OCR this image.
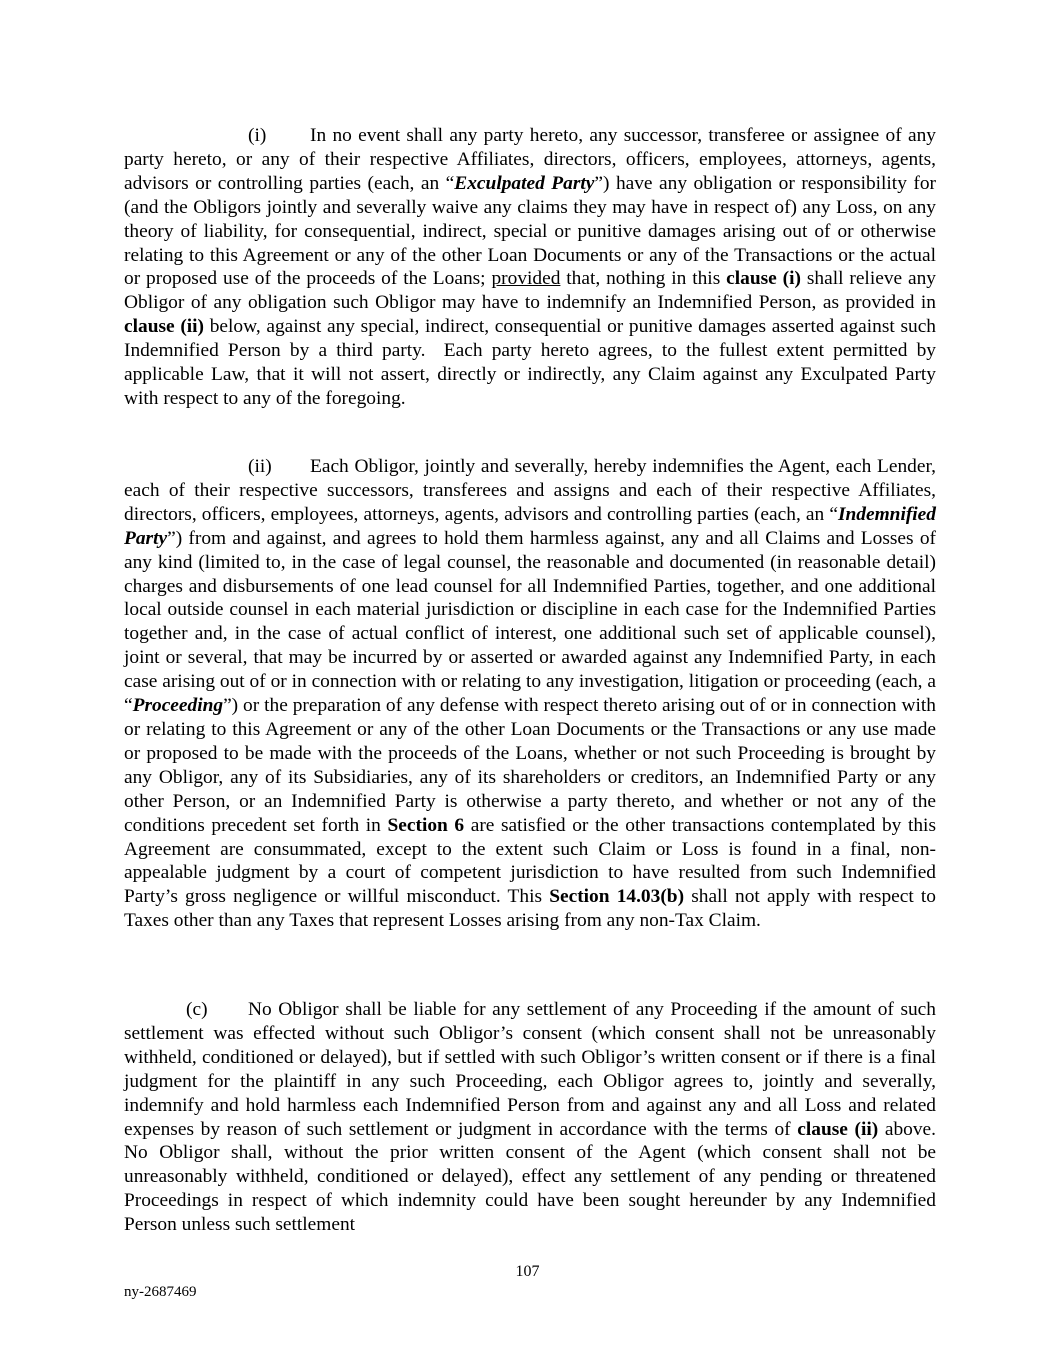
(i) In no event shall any party hereto, any successor, transferee or assignee of any party hereto, or any of their respective Affiliates, directors, officers, employees, attorneys, agents, advisors or controlling parties (each, an “Exculpated Party”) have any obligation or responsibility for (and the Obligors jointly and severally waive any claims they may have in respect of) any Loss, on any theory of liability, for consequential, indirect, special or punitive damages arising out of or otherwise relating to this Agreement or any of the other Loan Documents or any of the Transactions or the actual or proposed use of the proceeds of the Loans; provided that, nothing in this clause (i) shall relieve any Obligor of any obligation such Obligor may have to indemnify an Indemnified Person, as provided in clause (ii) below, against any special, indirect, consequential or punitive damages asserted against such Indemnified Person by a third party.  Each party hereto agrees, to the fullest extent permitted by applicable Law, that it will not assert, directly or indirectly, any Claim against any Exculpated Party with respect to any of the foregoing.

(ii) Each Obligor, jointly and severally, hereby indemnifies the Agent, each Lender, each of their respective successors, transferees and assigns and each of their respective Affiliates, directors, officers, employees, attorneys, agents, advisors and controlling parties (each, an “Indemnified Party”) from and against, and agrees to hold them harmless against, any and all Claims and Losses of any kind (limited to, in the case of legal counsel, the reasonable and documented (in reasonable detail) charges and disbursements of one lead counsel for all Indemnified Parties, together, and one additional local outside counsel in each material jurisdiction or discipline in each case for the Indemnified Parties together and, in the case of actual conflict of interest, one additional such set of applicable counsel), joint or several, that may be incurred by or asserted or awarded against any Indemnified Party, in each case arising out of or in connection with or relating to any investigation, litigation or proceeding (each, a “Proceeding”) or the preparation of any defense with respect thereto arising out of or in connection with or relating to this Agreement or any of the other Loan Documents or the Transactions or any use made or proposed to be made with the proceeds of the Loans, whether or not such Proceeding is brought by any Obligor, any of its Subsidiaries, any of its shareholders or creditors, an Indemnified Party or any other Person, or an Indemnified Party is otherwise a party thereto, and whether or not any of the conditions precedent set forth in Section 6 are satisfied or the other transactions contemplated by this Agreement are consummated, except to the extent such Claim or Loss is found in a final, non-appealable judgment by a court of competent jurisdiction to have resulted from such Indemnified Party’s gross negligence or willful misconduct. This Section 14.03(b) shall not apply with respect to Taxes other than any Taxes that represent Losses arising from any non-Tax Claim.

(c) No Obligor shall be liable for any settlement of any Proceeding if the amount of such settlement was effected without such Obligor’s consent (which consent shall not be unreasonably withheld, conditioned or delayed), but if settled with such Obligor’s written consent or if there is a final judgment for the plaintiff in any such Proceeding, each Obligor agrees to, jointly and severally, indemnify and hold harmless each Indemnified Person from and against any and all Loss and related expenses by reason of such settlement or judgment in accordance with the terms of clause (ii) above. No Obligor shall, without the prior written consent of the Agent (which consent shall not be unreasonably withheld, conditioned or delayed), effect any settlement of any pending or threatened Proceedings in respect of which indemnity could have been sought hereunder by any Indemnified Person unless such settlement

107
ny-2687469
